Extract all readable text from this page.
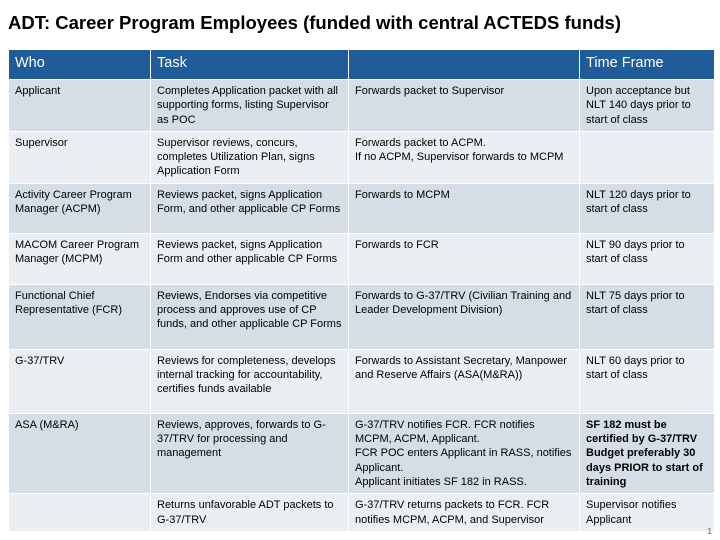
ADT: Career Program Employees (funded with central ACTEDS funds)
Who	Task		Time Frame
Applicant	Completes Application packet with all supporting forms, listing Supervisor as POC	Forwards packet to Supervisor	Upon acceptance but NLT 140 days prior to start of class
Supervisor	Supervisor reviews, concurs, completes Utilization Plan, signs Application Form	Forwards packet to ACPM.
If no ACPM, Supervisor forwards to MCPM	
Activity Career Program Manager (ACPM)	Reviews packet, signs Application Form, and other applicable CP Forms	Forwards to MCPM	NLT 120 days prior to start of class
MACOM Career Program Manager (MCPM)	Reviews packet, signs Application Form and other applicable CP Forms	Forwards to FCR	NLT 90 days prior to start of class
Functional Chief Representative (FCR)	Reviews, Endorses via competitive process and approves use of CP funds, and other applicable CP Forms	Forwards to G-37/TRV (Civilian Training and Leader Development Division)	NLT 75 days prior to start of class
G-37/TRV	Reviews for completeness, develops internal tracking for accountability, certifies funds available	Forwards to Assistant Secretary, Manpower and Reserve Affairs (ASA(M&RA))	NLT 60 days prior to start of class
ASA (M&RA)	Reviews, approves, forwards to G-37/TRV for processing and management	G-37/TRV notifies FCR. FCR notifies MCPM, ACPM, Applicant.
FCR POC enters Applicant in RASS, notifies Applicant.
Applicant initiates SF 182 in RASS.	SF 182 must be certified by G-37/TRV Budget preferably 30 days PRIOR to start of training
	Returns unfavorable ADT packets to G-37/TRV	G-37/TRV returns packets to FCR. FCR notifies MCPM, ACPM, and Supervisor	Supervisor notifies Applicant
1
